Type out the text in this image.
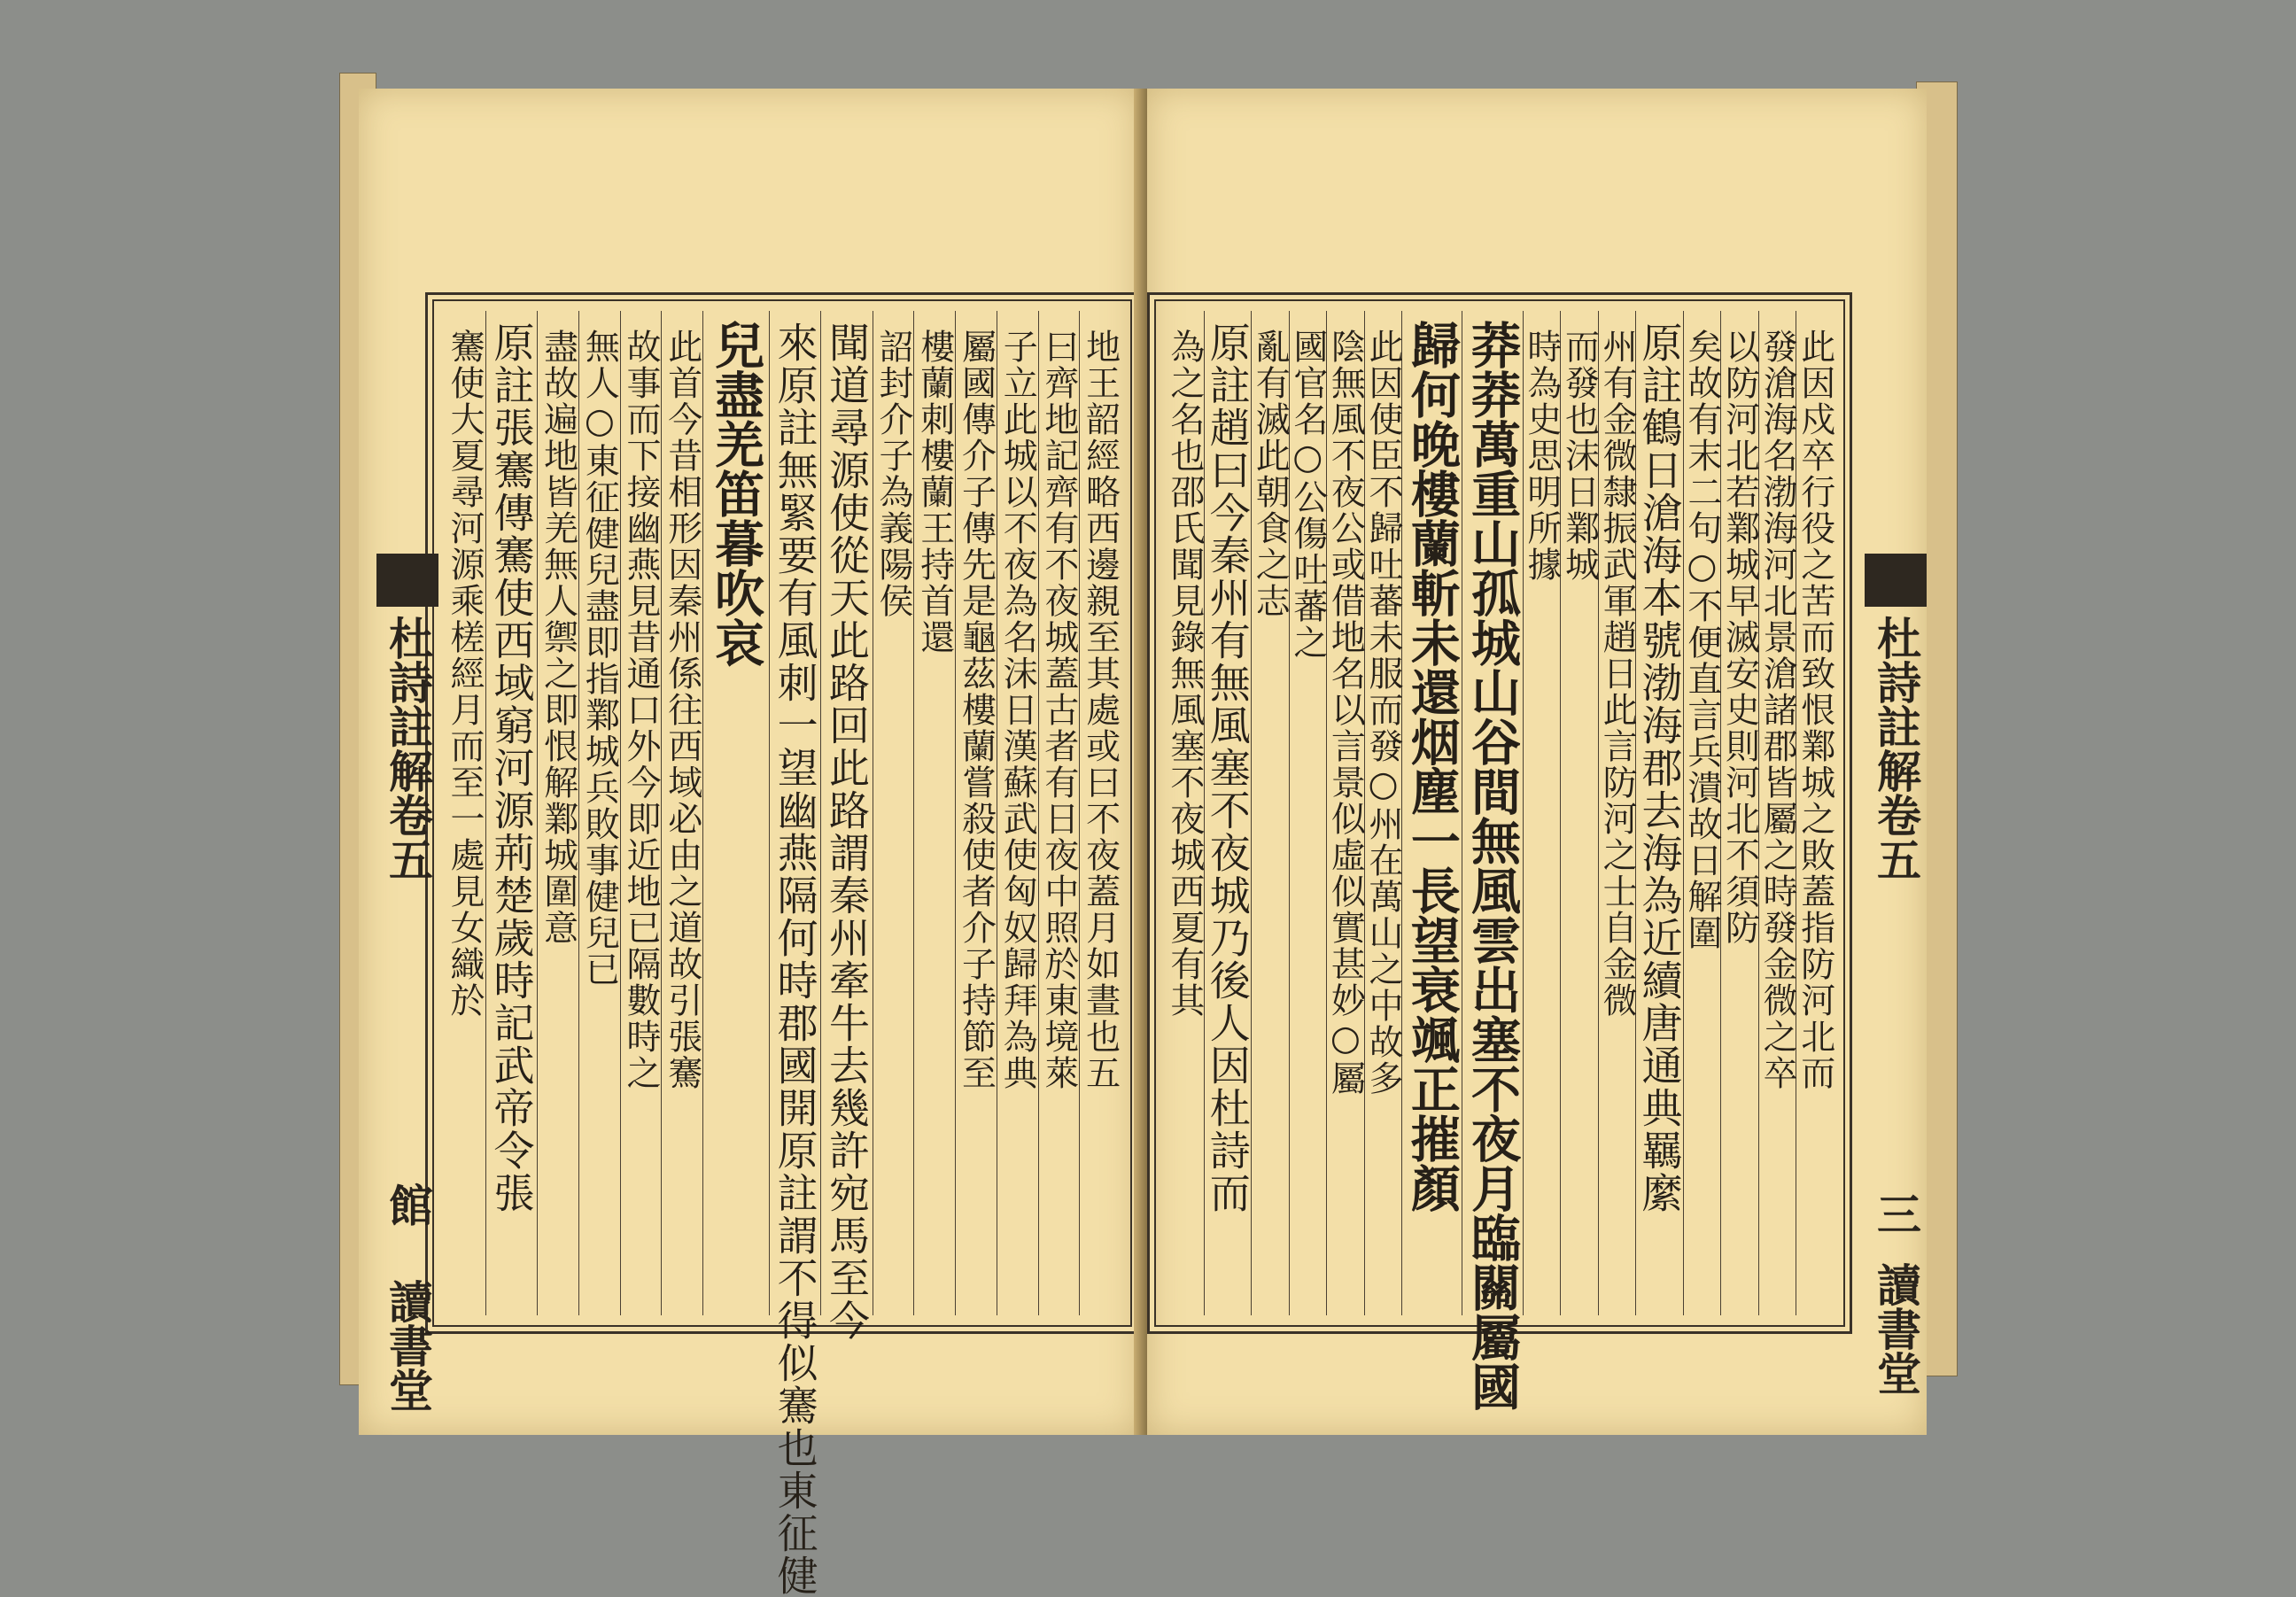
地王韶經略西邊親至其處或曰不夜蓋月如晝也五
曰齊地記齊有不夜城蓋古者有日夜中照於東境萊
子立此城以不夜為名沫日漢蘇武使匈奴歸拜為典
屬國傳介子傳先是龜茲樓蘭嘗殺使者介子持節至
樓蘭刺樓蘭王持首還
詔封介子為義陽侯
聞道尋源使從天此路回此路謂秦州牽牛去幾許宛馬至今
來原註無緊要有風刺一望幽燕隔何時郡國開原註謂不得似騫也東征健
兒盡羌笛暮吹哀
此首今昔相形因秦州係往西域必由之道故引張騫
故事而下接幽燕見昔通口外今即近地已隔數時之
無人○東征健兒盡即指鄴城兵敗事健兒已
盡故遍地皆羌無人禦之即恨解鄴城圍意
原註張騫傳騫使西域窮河源荊楚歲時記武帝令張
騫使大夏尋河源乘槎經月而至一處見女織於
杜詩註解卷五
館 讀書堂
此因戍卒行役之苦而致恨鄴城之敗蓋指防河北而
發滄海名渤海河北景滄諸郡皆屬之時發金微之卒
以防河北若鄴城早滅安史則河北不須防
矣故有末二句○不便直言兵潰故日解圍
原註鶴日滄海本號渤海郡去海為近續唐通典羈縻
州有金微隸振武軍趙日此言防河之士自金微
而發也沫日鄴城
時為史思明所據
莽莽萬重山孤城山谷間無風雲出塞不夜月臨關屬國
歸何晚樓蘭斬未還烟塵一長望衰颯正摧顏
此因使臣不歸吐蕃未服而發○州在萬山之中故多
陰無風不夜公或借地名以言景似虛似實甚妙○屬
國官名○公傷吐蕃之
亂有滅此朝食之志
原註趙曰今秦州有無風塞不夜城乃後人因杜詩而
為之名也邵氏聞見錄無風塞不夜城西夏有其	杜詩註解卷五
三
讀書堂
